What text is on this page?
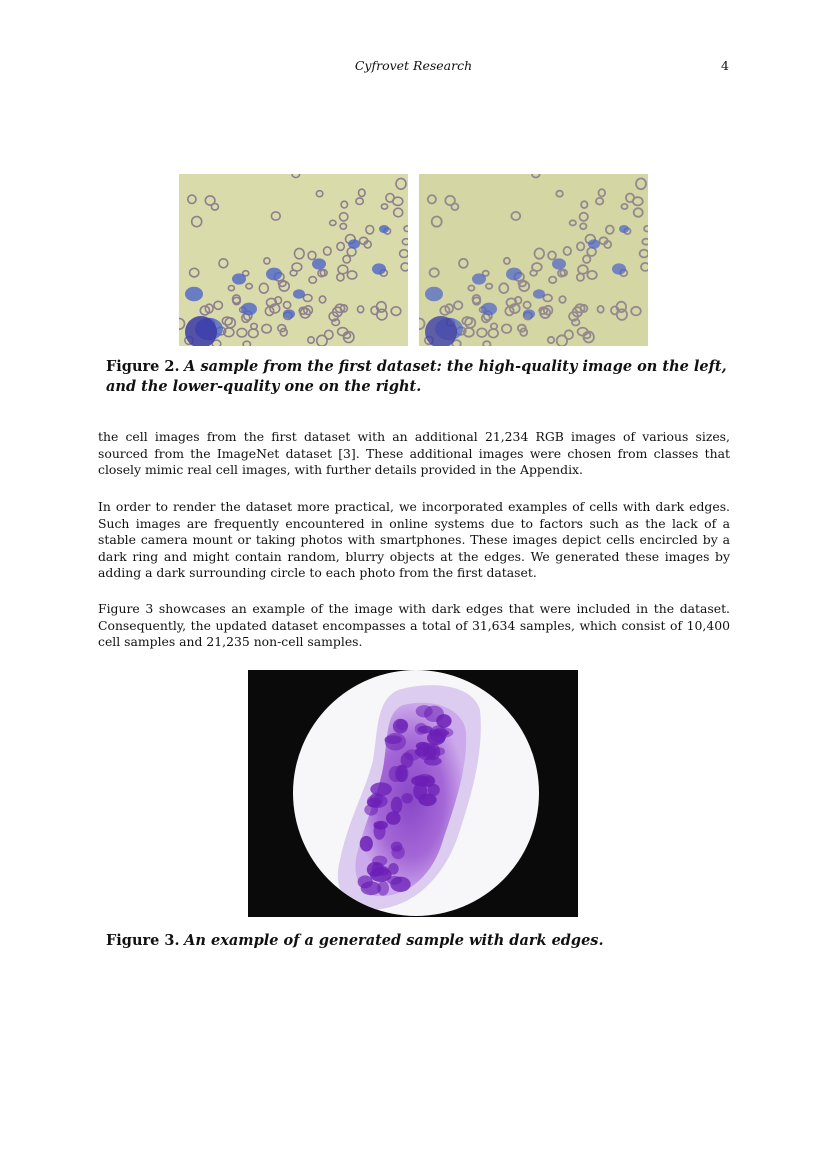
Cyfrovet Research	4
Figure 2. A sample from the first dataset: the high-quality image on the left, and the lower-quality one on the right.

the cell images from the first dataset with an additional 21,234 RGB images of various sizes, sourced from the ImageNet dataset [3]. These additional images were chosen from classes that closely mimic real cell images, with further details provided in the Appendix.

In order to render the dataset more practical, we incorporated examples of cells with dark edges. Such images are frequently encountered in online systems due to factors such as the lack of a stable camera mount or taking photos with smartphones. These images depict cells encircled by a dark ring and might contain random, blurry objects at the edges. We generated these images by adding a dark surrounding circle to each photo from the first dataset.

Figure 3 showcases an example of the image with dark edges that were included in the dataset. Consequently, the updated dataset encompasses a total of 31,634 samples, which consist of 10,400 cell samples and 21,235 non-cell samples.

Figure 3. An example of a generated sample with dark edges.
